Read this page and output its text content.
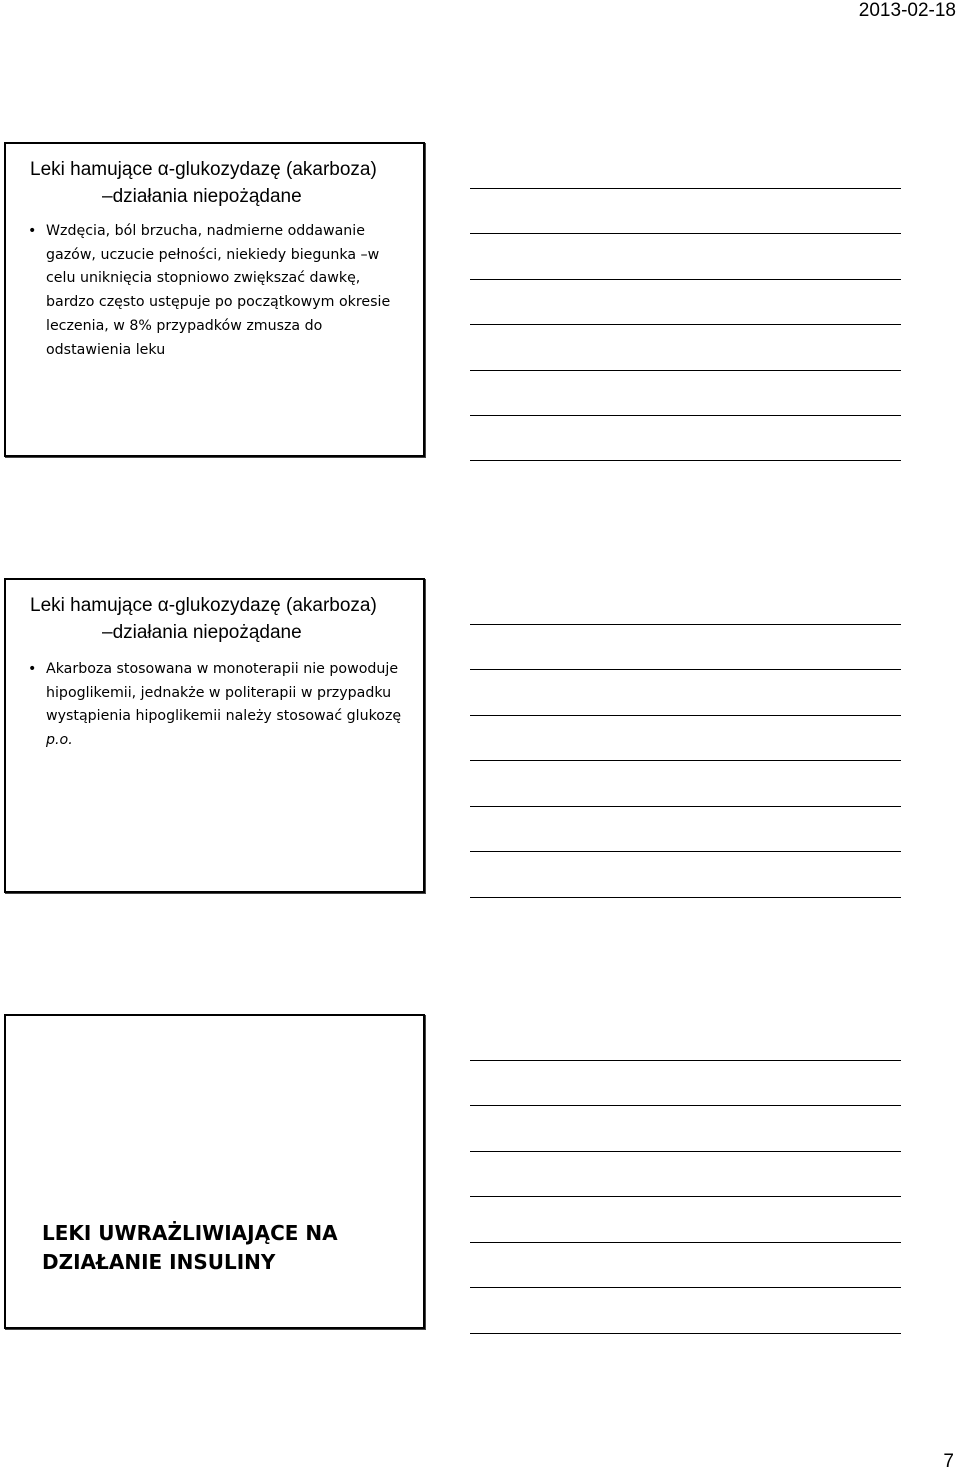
2013-02-18
Leki hamujące α-glukozydazę (akarboza)
–działania niepożądane
• Wzdęcia, ból brzucha, nadmierne oddawanie gazów, uczucie pełności, niekiedy biegunka –w celu uniknięcia stopniowo zwiększać dawkę, bardzo często ustępuje po początkowym okresie leczenia, w 8% przypadków zmusza do odstawienia leku
Leki hamujące α-glukozydazę (akarboza)
–działania niepożądane
• Akarboza stosowana w monoterapii nie powoduje hipoglikemii, jednakże w politerapii w przypadku wystąpienia hipoglikemii należy stosować glukozę p.o.
LEKI UWRAŻLIWIAJĄCE NA
DZIAŁANIE INSULINY
7
